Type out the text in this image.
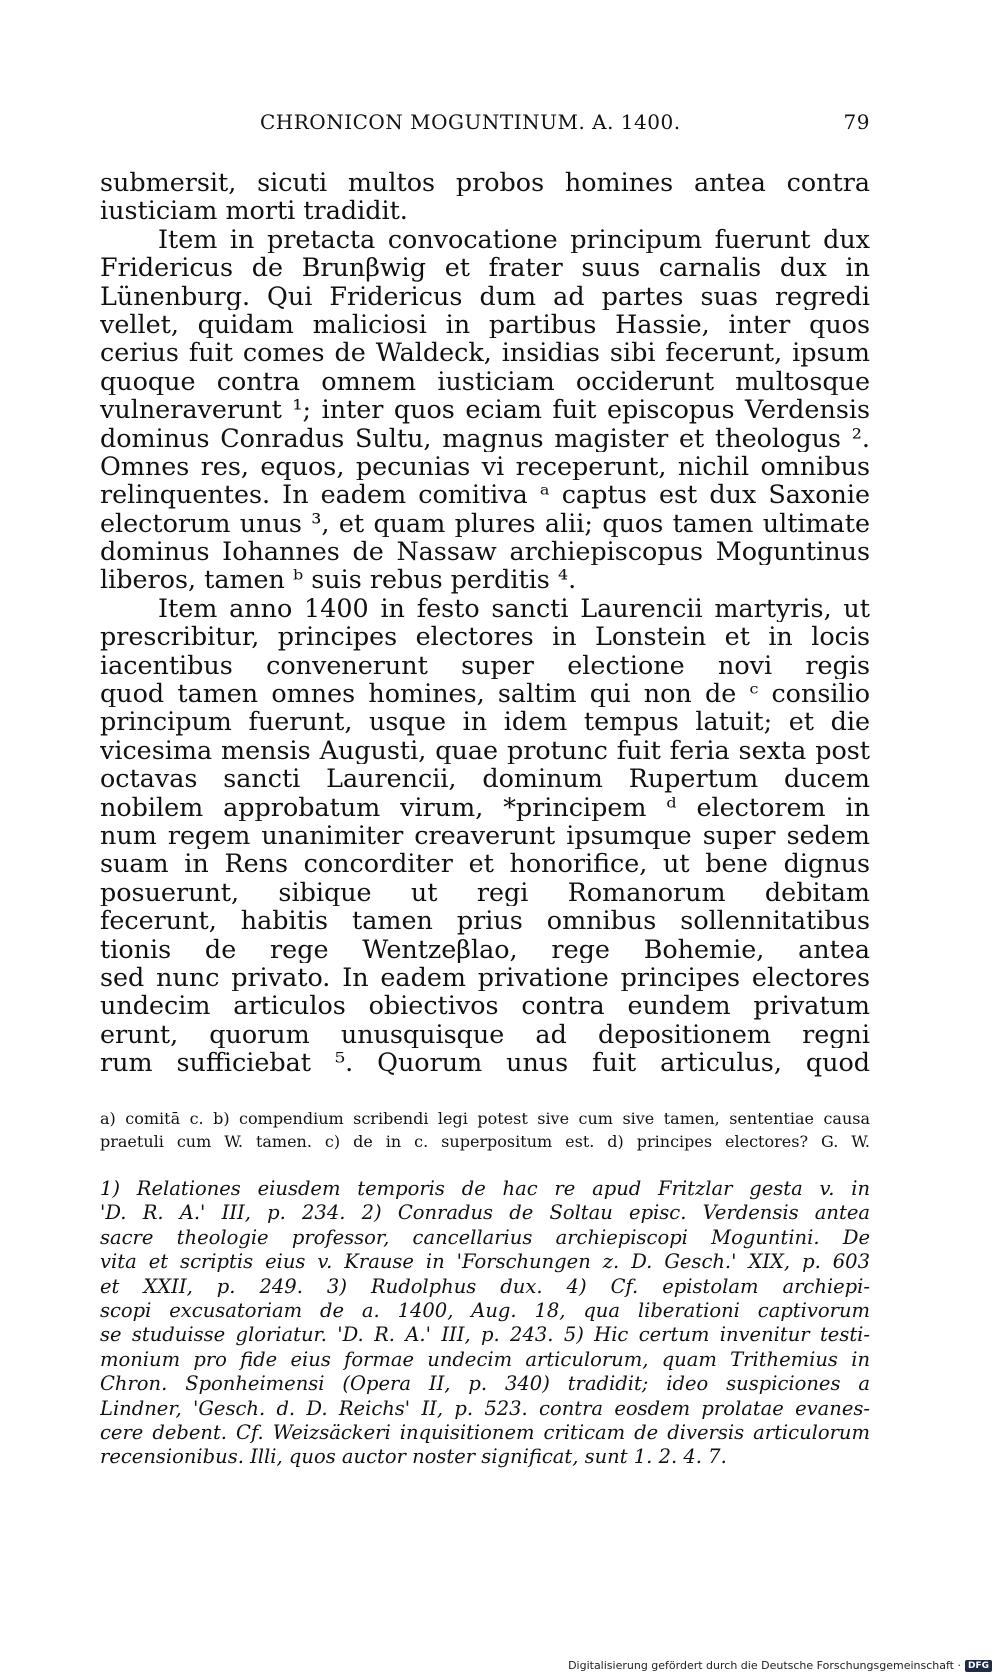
CHRONICON MOGUNTINUM. A. 1400.	79
submersit, sicuti multos probos homines antea contra
iusticiam morti tradidit.
Item in pretacta convocatione principum fuerunt dux
Fridericus de Brunβwig et frater suus carnalis dux in
Lünenburg. Qui Fridericus dum ad partes suas regredi
vellet, quidam maliciosi in partibus Hassie, inter quos
cerius fuit comes de Waldeck, insidias sibi fecerunt, ipsum
quoque contra omnem iusticiam occiderunt multosque
vulneraverunt ¹; inter quos eciam fuit episcopus Verdensis
dominus Conradus Sultu, magnus magister et theologus ².
Omnes res, equos, pecunias vi receperunt, nichil omnibus
relinquentes. In eadem comitiva ᵃ captus est dux Saxonie
electorum unus ³, et quam plures alii; quos tamen ultimate
dominus Iohannes de Nassaw archiepiscopus Moguntinus
liberos, tamen ᵇ suis rebus perditis ⁴.
Item anno 1400 in festo sancti Laurencii martyris, ut
prescribitur, principes electores in Lonstein et in locis
iacentibus convenerunt super electione novi regis
quod tamen omnes homines, saltim qui non de ᶜ consilio
principum fuerunt, usque in idem tempus latuit; et die
vicesima mensis Augusti, quae protunc fuit feria sexta post
octavas sancti Laurencii, dominum Rupertum ducem
nobilem approbatum virum, *principem ᵈ electorem in
num regem unanimiter creaverunt ipsumque super sedem
suam in Rens concorditer et honorifice, ut bene dignus
posuerunt, sibique ut regi Romanorum debitam
fecerunt, habitis tamen prius omnibus sollennitatibus
tionis de rege Wentzeβlao, rege Bohemie, antea
sed nunc privato. In eadem privatione principes electores
undecim articulos obiectivos contra eundem privatum
erunt, quorum unusquisque ad depositionem regni
rum sufficiebat ⁵. Quorum unus fuit articulus, quod
a) comitā c. b) compendium scribendi legi potest sive cum sive tamen, sententiae causa
praetuli cum W. tamen. c) de in c. superpositum est. d) principes electores? G. W.
1) Relationes eiusdem temporis de hac re apud Fritzlar gesta v. in
'D. R. A.' III, p. 234. 2) Conradus de Soltau episc. Verdensis antea
sacre theologie professor, cancellarius archiepiscopi Moguntini. De
vita et scriptis eius v. Krause in 'Forschungen z. D. Gesch.' XIX, p. 603
et XXII, p. 249. 3) Rudolphus dux. 4) Cf. epistolam archiepi-
scopi excusatoriam de a. 1400, Aug. 18, qua liberationi captivorum
se studuisse gloriatur. 'D. R. A.' III, p. 243. 5) Hic certum invenitur testi-
monium pro fide eius formae undecim articulorum, quam Trithemius in
Chron. Sponheimensi (Opera II, p. 340) tradidit; ideo suspiciones a
Lindner, 'Gesch. d. D. Reichs' II, p. 523. contra eosdem prolatae evanes-
cere debent. Cf. Weizsäckeri inquisitionem criticam de diversis articulorum
recensionibus. Illi, quos auctor noster significat, sunt 1. 2. 4. 7.
Digitalisierung gefördert durch die Deutsche Forschungsgemeinschaft · DFG
